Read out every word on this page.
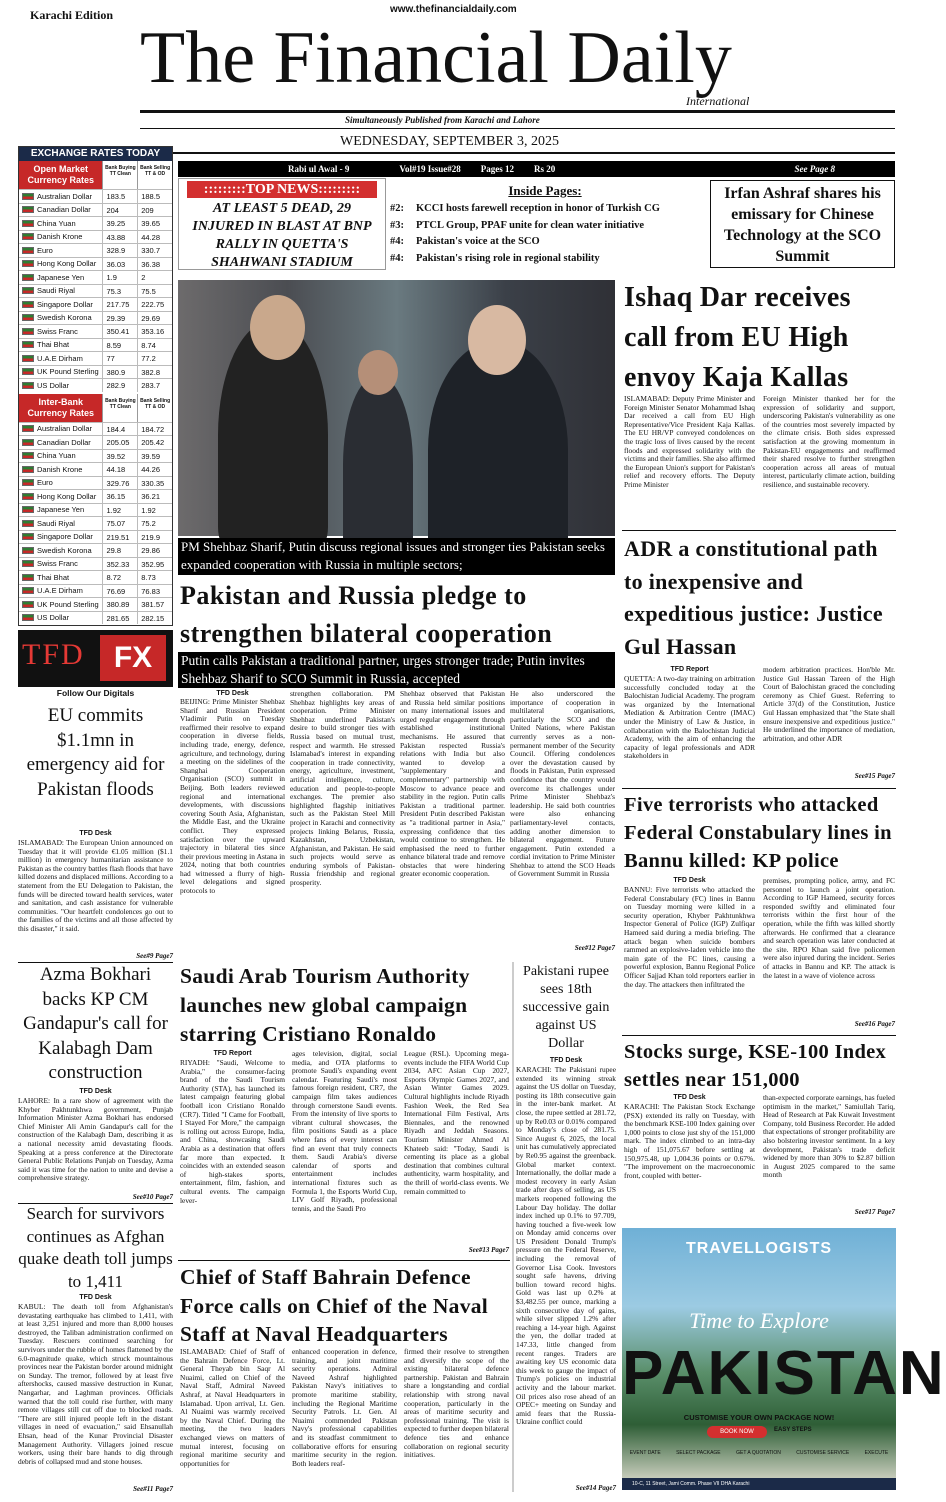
Karachi Edition	www.thefinancialdaily.com
The Financial Daily
International
Simultaneously Published from Karachi and Lahore
WEDNESDAY, SEPTEMBER 3, 2025
Rabi ul Awal - 9	Vol#19 Issue#28	Pages 12	Rs 20	See Page 8
EXCHANGE RATES TODAY
Open Market Currency Rates
Bank Buying TT Clean
Bank Selling TT & OD
Australian Dollar	183.5	188.5
Canadian Dollar	204	209
China Yuan	39.25	39.65
Danish Krone	43.88	44.28
Euro	328.9	330.7
Hong Kong Dollar	36.03	36.38
Japanese Yen	1.9	2
Saudi Riyal	75.3	75.5
Singapore Dollar	217.75	222.75
Swedish Korona	29.39	29.69
Swiss Franc	350.41	353.16
Thai Bhat	8.59	8.74
U.A.E Dirham	77	77.2
UK Pound Sterling	380.9	382.8
US Dollar	282.9	283.7
Inter-Bank Currency Rates
Bank Buying TT Clean
Bank Selling TT & OD
Australian Dollar	184.4	184.72
Canadian Dollar	205.05	205.42
China Yuan	39.52	39.59
Danish Krone	44.18	44.26
Euro	329.76	330.35
Hong Kong Dollar	36.15	36.21
Japanese Yen	1.92	1.92
Saudi Riyal	75.07	75.2
Singapore Dollar	219.51	219.9
Swedish Korona	29.8	29.86
Swiss Franc	352.33	352.95
Thai Bhat	8.72	8.73
U.A.E Dirham	76.69	76.83
UK Pound Sterling	380.89	381.57
US Dollar	281.65	282.15
TFD FX
Follow Our Digitals
:::::::::TOP NEWS:::::::::
AT LEAST 5 DEAD, 29 INJURED IN BLAST AT BNP RALLY IN QUETTA'S SHAHWANI STADIUM
Inside Pages:
#2:	KCCI hosts farewell reception in honor of Turkish CG
#3:	PTCL Group, PPAF unite for clean water initiative
#4:	Pakistan's voice at the SCO
#4:	Pakistan's rising role in regional stability
Irfan Ashraf shares his emissary for Chinese Technology at the SCO Summit
PM Shehbaz Sharif, Putin discuss regional issues and stronger ties Pakistan seeks expanded cooperation with Russia in multiple sectors;
Pakistan and Russia pledge to strengthen bilateral cooperation
Putin calls Pakistan a traditional partner, urges stronger trade; Putin invites Shehbaz Sharif to SCO Summit in Russia, accepted
TFD Desk
BEIJING: Prime Minister Shehbaz Sharif and Russian President Vladimir Putin on Tuesday reaffirmed their resolve to expand cooperation in diverse fields, including trade, energy, defence, agriculture, and technology, during a meeting on the sidelines of the Shanghai Cooperation Organisation (SCO) summit in Beijing. Both leaders reviewed regional and international developments, with discussions covering South Asia, Afghanistan, the Middle East, and the Ukraine conflict. They expressed satisfaction over the upward trajectory in bilateral ties since their previous meeting in Astana in 2024, noting that both countries had witnessed a flurry of high-level delegations and signed protocols to
strengthen collaboration. PM Shehbaz highlights key areas of cooperation. Prime Minister Shehbaz underlined Pakistan's desire to build stronger ties with Russia based on mutual trust, respect and warmth. He stressed Islamabad's interest in expanding cooperation in trade connectivity, energy, agriculture, investment, artificial intelligence, culture, education and people-to-people exchanges. The premier also highlighted flagship initiatives such as the Pakistan Steel Mill project in Karachi and connectivity projects linking Belarus, Russia, Kazakhstan, Uzbekistan, Afghanistan, and Pakistan. He said such projects would serve as enduring symbols of Pakistan-Russia friendship and regional prosperity.
Shehbaz observed that Pakistan and Russia held similar positions on many international issues and urged regular engagement through established institutional mechanisms. He assured that Pakistan respected Russia's relations with India but also wanted to develop a "supplementary and complementary" partnership with Moscow to advance peace and stability in the region. Putin calls Pakistan a traditional partner. President Putin described Pakistan as "a traditional partner in Asia," expressing confidence that ties would continue to strengthen. He emphasised the need to further enhance bilateral trade and remove obstacles that were hindering greater economic cooperation.
He also underscored the importance of cooperation in multilateral organisations, particularly the SCO and the United Nations, where Pakistan currently serves as a non-permanent member of the Security Council. Offering condolences over the devastation caused by floods in Pakistan, Putin expressed confidence that the country would overcome its challenges under Prime Minister Shehbaz's leadership. He said both countries were also enhancing parliamentary-level contacts, adding another dimension to bilateral engagement. Future engagement. Putin extended a cordial invitation to Prime Minister Shehbaz to attend the SCO Heads of Government Summit in Russia
See#12 Page7
Ishaq Dar receives call from EU High envoy Kaja Kallas
ISLAMABAD: Deputy Prime Minister and Foreign Minister Senator Mohammad Ishaq Dar received a call from EU High Representative/Vice President Kaja Kallas. The EU HR/VP conveyed condolences on the tragic loss of lives caused by the recent floods and expressed solidarity with the victims and their families. She also affirmed the European Union's support for Pakistan's relief and recovery efforts. The Deputy Prime Minister
Foreign Minister thanked her for the expression of solidarity and support, underscoring Pakistan's vulnerability as one of the countries most severely impacted by the climate crisis. Both sides expressed satisfaction at the growing momentum in Pakistan-EU engagements and reaffirmed their shared resolve to further strengthen cooperation across all areas of mutual interest, particularly climate action, building resilience, and sustainable recovery.
ADR a constitutional path to inexpensive and expeditious justice: Justice Gul Hassan
TFD Report
QUETTA: A two-day training on arbitration successfully concluded today at the Balochistan Judicial Academy. The program was organized by the International Mediation & Arbitration Centre (IMAC) under the Ministry of Law & Justice, in collaboration with the Balochistan Judicial Academy, with the aim of enhancing the capacity of legal professionals and ADR stakeholders in
modern arbitration practices. Hon'ble Mr. Justice Gul Hassan Tareen of the High Court of Balochistan graced the concluding ceremony as Chief Guest. Referring to Article 37(d) of the Constitution, Justice Gul Hassan emphasized that "the State shall ensure inexpensive and expeditious justice." He underlined the importance of mediation, arbitration, and other ADR
See#15 Page7
Five terrorists who attacked Federal Constabulary lines in Bannu killed: KP police
TFD Desk
BANNU: Five terrorists who attacked the Federal Constabulary (FC) lines in Bannu on Tuesday morning were killed in a security operation, Khyber Pakhtunkhwa Inspector General of Police (IGP) Zulfiqar Hameed said during a media briefing. The attack began when suicide bombers rammed an explosive-laden vehicle into the main gate of the FC lines, causing a powerful explosion, Bannu Regional Police Officer Sajjad Khan told reporters earlier in the day. The attackers then infiltrated the
premises, prompting police, army, and FC personnel to launch a joint operation. According to IGP Hameed, security forces responded swiftly and eliminated four terrorists within the first hour of the operation, while the fifth was killed shortly afterwards. He confirmed that a clearance and search operation was later conducted at the site. RPO Khan said five policemen were also injured during the incident. Series of attacks in Bannu and KP. The attack is the latest in a wave of violence across
See#16 Page7
Stocks surge, KSE-100 Index settles near 151,000
TFD Desk
KARACHI: The Pakistan Stock Exchange (PSX) extended its rally on Tuesday, with the benchmark KSE-100 Index gaining over 1,000 points to close just shy of the 151,000 mark. The index climbed to an intra-day high of 151,075.67 before settling at 150,975.48, up 1,004.36 points or 0.67%. "The improvement on the macroeconomic front, coupled with better-
than-expected corporate earnings, has fueled optimism in the market," Samiullah Tariq, Head of Research at Pak Kuwait Investment Company, told Business Recorder. He added that expectations of stronger profitability are also bolstering investor sentiment. In a key development, Pakistan's trade deficit widened by more than 30% to $2.87 billion in August 2025 compared to the same month
See#17 Page7
TRAVELLOGISTS
Time to Explore
PAKISTAN
CUSTOMISE YOUR OWN PACKAGE NOW!
BOOK NOW	EASY STEPS
EVENT DATE	SELECT PACKAGE	GET A QUOTATION	CUSTOMISE SERVICE	EXECUTE
10-C, 11 Street, Jami Comm. Phase VII DHA Karachi
Saudi Arab Tourism Authority launches new global campaign starring Cristiano Ronaldo
TFD Report
RIYADH: "Saudi, Welcome to Arabia," the consumer-facing brand of the Saudi Tourism Authority (STA), has launched its latest campaign featuring global football icon Cristiano Ronaldo (CR7). Titled "I Came for Football, I Stayed For More," the campaign is rolling out across Europe, India, and China, showcasing Saudi Arabia as a destination that offers far more than expected. It coincides with an extended season of high-stakes sports, entertainment, film, fashion, and cultural events. The campaign lever-
ages television, digital, social media, and OTA platforms to promote Saudi's expanding event calendar. Featuring Saudi's most famous foreign resident, CR7, the campaign film takes audiences through cornerstone Saudi events. From the intensity of live sports to vibrant cultural showcases, the film positions Saudi as a place where fans of every interest can find an event that truly connects them. Saudi Arabia's diverse calendar of sports and entertainment includes international fixtures such as Formula 1, the Esports World Cup, LIV Golf Riyadh, professional tennis, and the Saudi Pro
League (RSL). Upcoming mega-events include the FIFA World Cup 2034, AFC Asian Cup 2027, Esports Olympic Games 2027, and Asian Winter Games 2029. Cultural highlights include Riyadh Fashion Week, the Red Sea International Film Festival, Arts Biennales, and the renowned Riyadh and Jeddah Seasons. Tourism Minister Ahmed Al Khateeb said: "Today, Saudi is cementing its place as a global destination that combines cultural authenticity, warm hospitality, and the thrill of world-class events. We remain committed to
See#13 Page7
Pakistani rupee sees 18th successive gain against US Dollar
TFD Desk
KARACHI: The Pakistani rupee extended its winning streak against the US dollar on Tuesday, posting its 18th consecutive gain in the inter-bank market. At close, the rupee settled at 281.72, up by Re0.03 or 0.01% compared to Monday's close of 281.75. Since August 6, 2025, the local unit has cumulatively appreciated by Re0.95 against the greenback. Global market context. Internationally, the dollar made a modest recovery in early Asian trade after days of selling, as US markets reopened following the Labour Day holiday. The dollar index inched up 0.1% to 97.709, having touched a five-week low on Monday amid concerns over US President Donald Trump's pressure on the Federal Reserve, including the removal of Governor Lisa Cook. Investors sought safe havens, driving bullion toward record highs. Gold was last up 0.2% at $3,482.55 per ounce, marking a sixth consecutive day of gains, while silver slipped 1.2% after reaching a 14-year high. Against the yen, the dollar traded at 147.33, little changed from recent ranges. Traders are awaiting key US economic data this week to gauge the impact of Trump's policies on industrial activity and the labour market. Oil prices also rose ahead of an OPEC+ meeting on Sunday and amid fears that the Russia-Ukraine conflict could
See#14 Page7
Chief of Staff Bahrain Defence Force calls on Chief of the Naval Staff at Naval Headquarters
ISLAMABAD: Chief of Staff of the Bahrain Defence Force, Lt. General Theyab bin Saqr Al Nuaimi, called on Chief of the Naval Staff, Admiral Naveed Ashraf, at Naval Headquarters in Islamabad. Upon arrival, Lt. Gen. Al Nuaimi was warmly received by the Naval Chief. During the meeting, the two leaders exchanged views on matters of mutual interest, focusing on regional maritime security and opportunities for
enhanced cooperation in defence, training, and joint maritime security operations. Admiral Naveed Ashraf highlighted Pakistan Navy's initiatives to promote maritime stability, including the Regional Maritime Security Patrols. Lt. Gen. Al Nuaimi commended Pakistan Navy's professional capabilities and its steadfast commitment to collaborative efforts for ensuring maritime security in the region. Both leaders reaf-
firmed their resolve to strengthen and diversify the scope of the existing bilateral defence partnership. Pakistan and Bahrain share a longstanding and cordial relationship with strong naval cooperation, particularly in the areas of maritime security and professional training. The visit is expected to further deepen bilateral defence ties and enhance collaboration on regional security initiatives.
EU commits $1.1mn in emergency aid for Pakistan floods
TFD Desk
ISLAMABAD: The European Union announced on Tuesday that it will provide €1.05 million ($1.1 million) in emergency humanitarian assistance to Pakistan as the country battles flash floods that have killed dozens and displaced millions. According to a statement from the EU Delegation to Pakistan, the funds will be directed toward health services, water and sanitation, and cash assistance for vulnerable communities. "Our heartfelt condolences go out to the families of the victims and all those affected by this disaster," it said.
See#9 Page7
Azma Bokhari backs KP CM Gandapur's call for Kalabagh Dam construction
TFD Desk
LAHORE: In a rare show of agreement with the Khyber Pakhtunkhwa government, Punjab Information Minister Azma Bokhari has endorsed Chief Minister Ali Amin Gandapur's call for the construction of the Kalabagh Dam, describing it as a national necessity amid devastating floods. Speaking at a press conference at the Directorate General Public Relations Punjab on Tuesday, Azma said it was time for the nation to unite and devise a comprehensive strategy.
See#10 Page7
Search for survivors continues as Afghan quake death toll jumps to 1,411
TFD Desk
KABUL: The death toll from Afghanistan's devastating earthquake has climbed to 1,411, with at least 3,251 injured and more than 8,000 houses destroyed, the Taliban administration confirmed on Tuesday. Rescuers continued searching for survivors under the rubble of homes flattened by the 6.0-magnitude quake, which struck mountainous provinces near the Pakistan border around midnight on Sunday. The tremor, followed by at least five aftershocks, caused massive destruction in Kunar, Nangarhar, and Laghman provinces. Officials warned that the toll could rise further, with many remote villages still cut off due to blocked roads. "There are still injured people left in the distant villages in need of evacuation," said Ehsanullah Ehsan, head of the Kunar Provincial Disaster Management Authority. Villagers joined rescue workers, using their bare hands to dig through debris of collapsed mud and stone houses.
See#11 Page7
